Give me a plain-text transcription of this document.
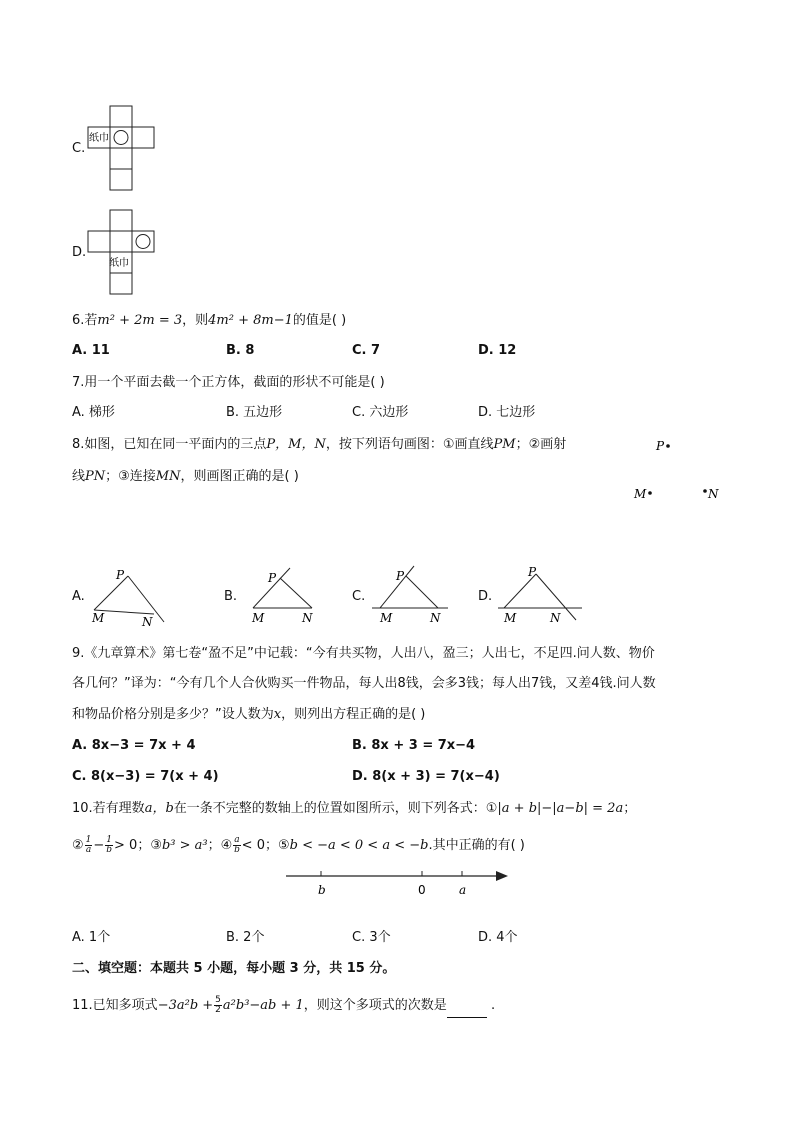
C.
纸巾
D.
纸巾
6.若m² + 2m = 3，则4m² + 8m−1的值是( )
A. 11	B. 8	C. 7	D. 12
7.用一个平面去截一个正方体，截面的形状不可能是( )
A. 梯形	B. 五边形	C. 六边形	D. 七边形
8.如图，已知在同一平面内的三点P，M，N，按下列语句画图：①画直线PM；②画射
线PN；③连接MN，则画图正确的是( )
P
M	N
A.
P
M	N
B.
P
M	N
C.
P
M	N
D.
P
M	N
9.《九章算术》第七卷“盈不足”中记载：“今有共买物，人出八，盈三；人出七，不足四.问人数、物价
各几何？”译为：“今有几个人合伙购买一件物品，每人出8钱，会多3钱；每人出7钱，又差4钱.问人数
和物品价格分别是多少？”设人数为x，则列出方程正确的是( )
A. 8x−3 = 7x + 4	B. 8x + 3 = 7x−4
C. 8(x−3) = 7(x + 4)	D. 8(x + 3) = 7(x−4)
10.若有理数a，b在一条不完整的数轴上的位置如图所示，则下列各式：①|a + b|−|a−b| = 2a；
② $\frac{1}{a} - \frac{1}{b} > 0$；③b³ > a³；④ $\frac{a}{b} < 0$；⑤b < −a < 0 < a < −b.其中正确的有( )
b	0	a
A. 1个	B. 2个	C. 3个	D. 4个
二、填空题：本题共 5 小题，每小题 3 分，共 15 分。
11.已知多项式$-3a^2b + \frac{5}{2} a^2b^3-ab + 1$，则这个多项式的次数是	.
